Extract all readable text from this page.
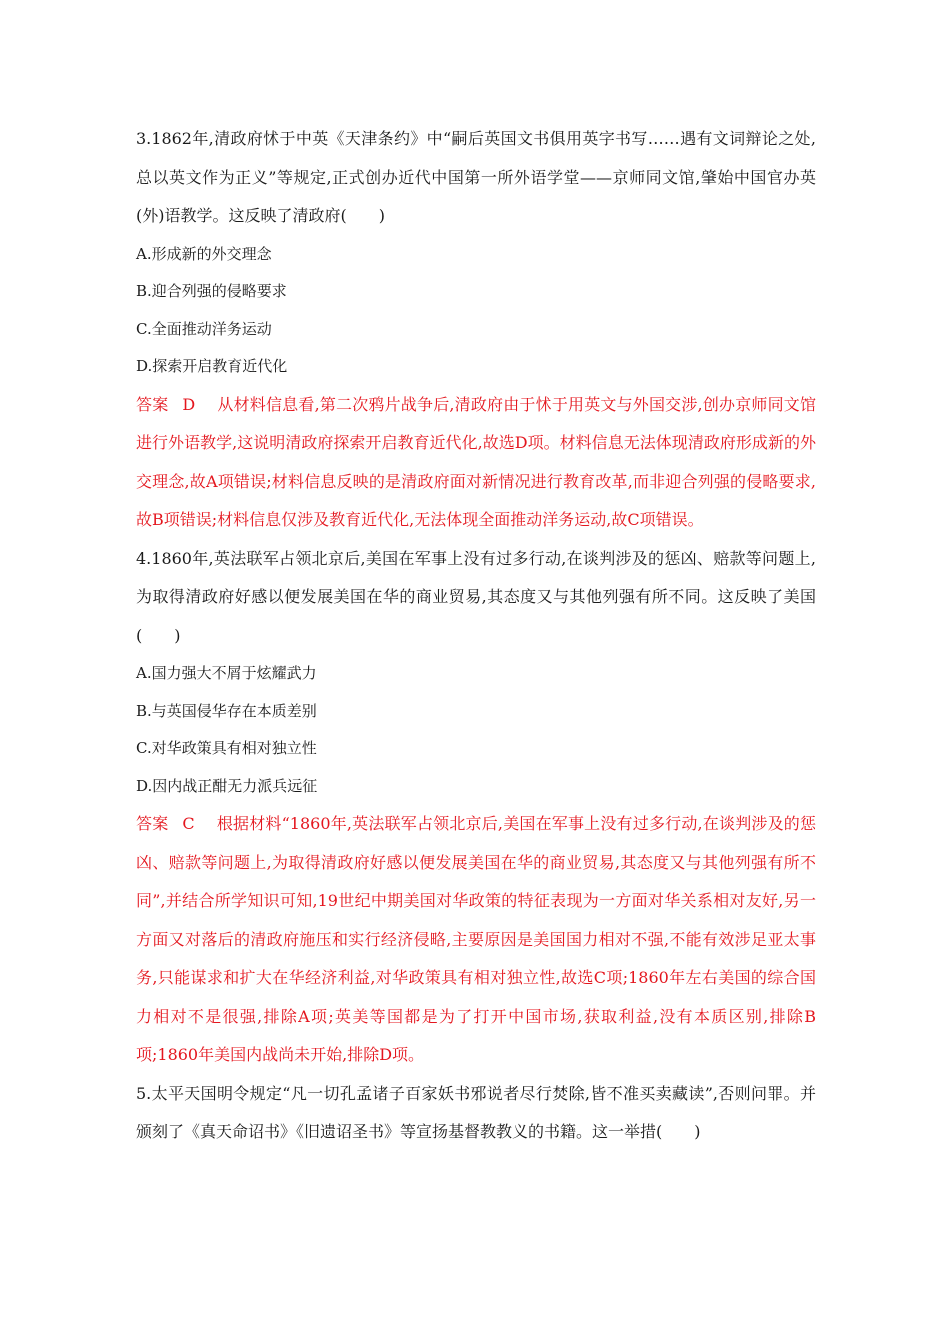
3.1862年,清政府怵于中英《天津条约》中“嗣后英国文书俱用英字书写……遇有文词辩论之处,总以英文作为正义”等规定,正式创办近代中国第一所外语学堂——京师同文馆,肇始中国官办英(外)语教学。这反映了清政府(　　)

A.形成新的外交理念

B.迎合列强的侵略要求

C.全面推动洋务运动

D.探索开启教育近代化

答案 D 从材料信息看,第二次鸦片战争后,清政府由于怵于用英文与外国交涉,创办京师同文馆进行外语教学,这说明清政府探索开启教育近代化,故选D项。材料信息无法体现清政府形成新的外交理念,故A项错误;材料信息反映的是清政府面对新情况进行教育改革,而非迎合列强的侵略要求,故B项错误;材料信息仅涉及教育近代化,无法体现全面推动洋务运动,故C项错误。

4.1860年,英法联军占领北京后,美国在军事上没有过多行动,在谈判涉及的惩凶、赔款等问题上,为取得清政府好感以便发展美国在华的商业贸易,其态度又与其他列强有所不同。这反映了美国(　　)

A.国力强大不屑于炫耀武力

B.与英国侵华存在本质差别

C.对华政策具有相对独立性

D.因内战正酣无力派兵远征

答案 C 根据材料“1860年,英法联军占领北京后,美国在军事上没有过多行动,在谈判涉及的惩凶、赔款等问题上,为取得清政府好感以便发展美国在华的商业贸易,其态度又与其他列强有所不同”,并结合所学知识可知,19世纪中期美国对华政策的特征表现为一方面对华关系相对友好,另一方面又对落后的清政府施压和实行经济侵略,主要原因是美国国力相对不强,不能有效涉足亚太事务,只能谋求和扩大在华经济利益,对华政策具有相对独立性,故选C项;1860年左右美国的综合国力相对不是很强,排除A项;英美等国都是为了打开中国市场,获取利益,没有本质区别,排除B项;1860年美国内战尚未开始,排除D项。

5.太平天国明令规定“凡一切孔孟诸子百家妖书邪说者尽行焚除,皆不准买卖藏读”,否则问罪。并颁刻了《真天命诏书》《旧遗诏圣书》等宣扬基督教教义的书籍。这一举措(　　)
